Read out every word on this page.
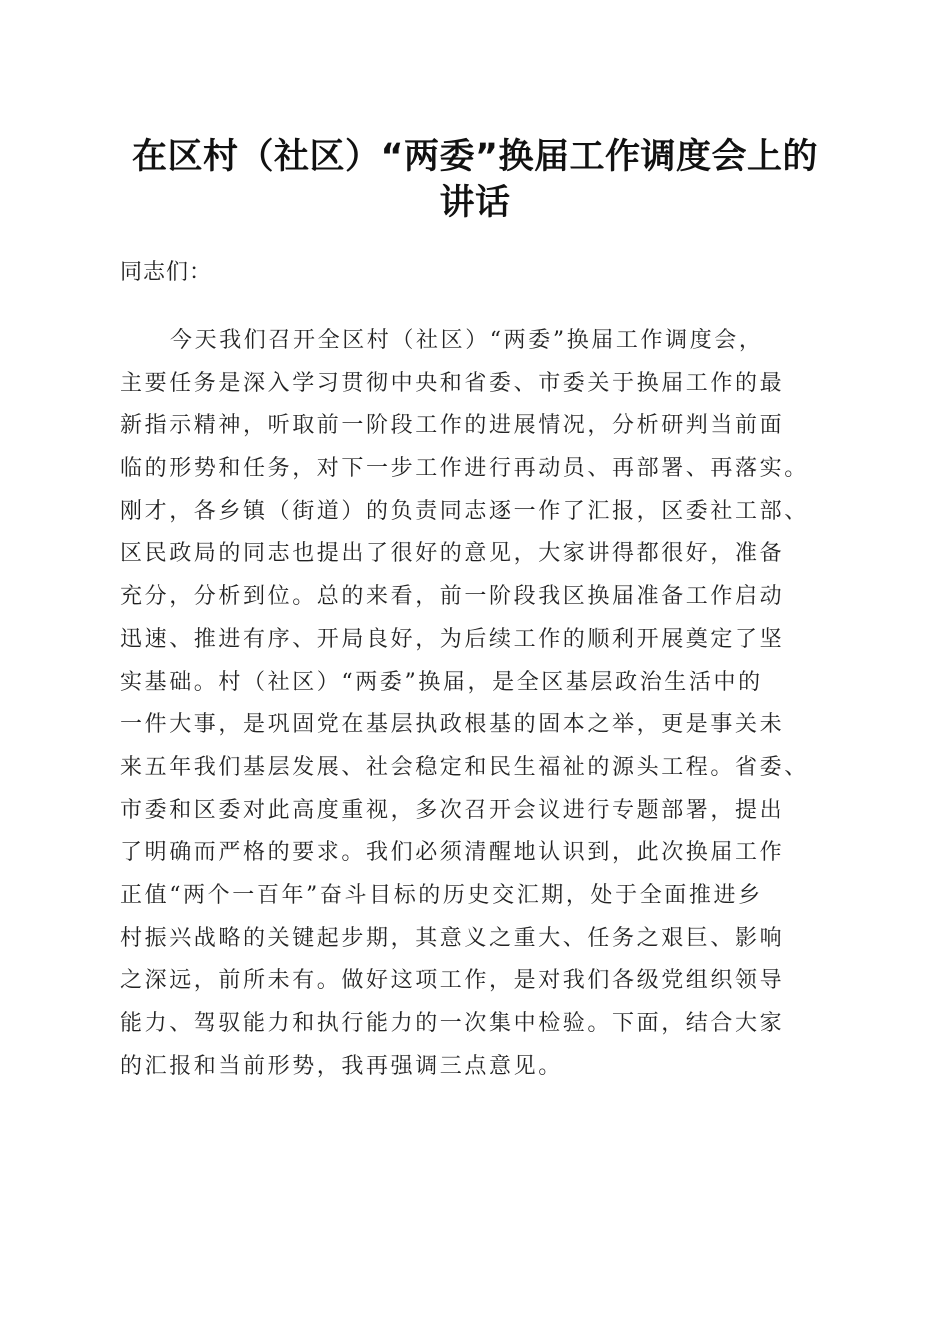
在区村（社区）“两委”换届工作调度会上的
讲话
同志们：
今天我们召开全区村（社区）“两委”换届工作调度会，
主要任务是深入学习贯彻中央和省委、市委关于换届工作的最
新指示精神，听取前一阶段工作的进展情况，分析研判当前面
临的形势和任务，对下一步工作进行再动员、再部署、再落实。
刚才，各乡镇（街道）的负责同志逐一作了汇报，区委社工部、
区民政局的同志也提出了很好的意见，大家讲得都很好，准备
充分，分析到位。总的来看，前一阶段我区换届准备工作启动
迅速、推进有序、开局良好，为后续工作的顺利开展奠定了坚
实基础。村（社区）“两委”换届，是全区基层政治生活中的
一件大事，是巩固党在基层执政根基的固本之举，更是事关未
来五年我们基层发展、社会稳定和民生福祉的源头工程。省委、
市委和区委对此高度重视，多次召开会议进行专题部署，提出
了明确而严格的要求。我们必须清醒地认识到，此次换届工作
正值“两个一百年”奋斗目标的历史交汇期，处于全面推进乡
村振兴战略的关键起步期，其意义之重大、任务之艰巨、影响
之深远，前所未有。做好这项工作，是对我们各级党组织领导
能力、驾驭能力和执行能力的一次集中检验。下面，结合大家
的汇报和当前形势，我再强调三点意见。
